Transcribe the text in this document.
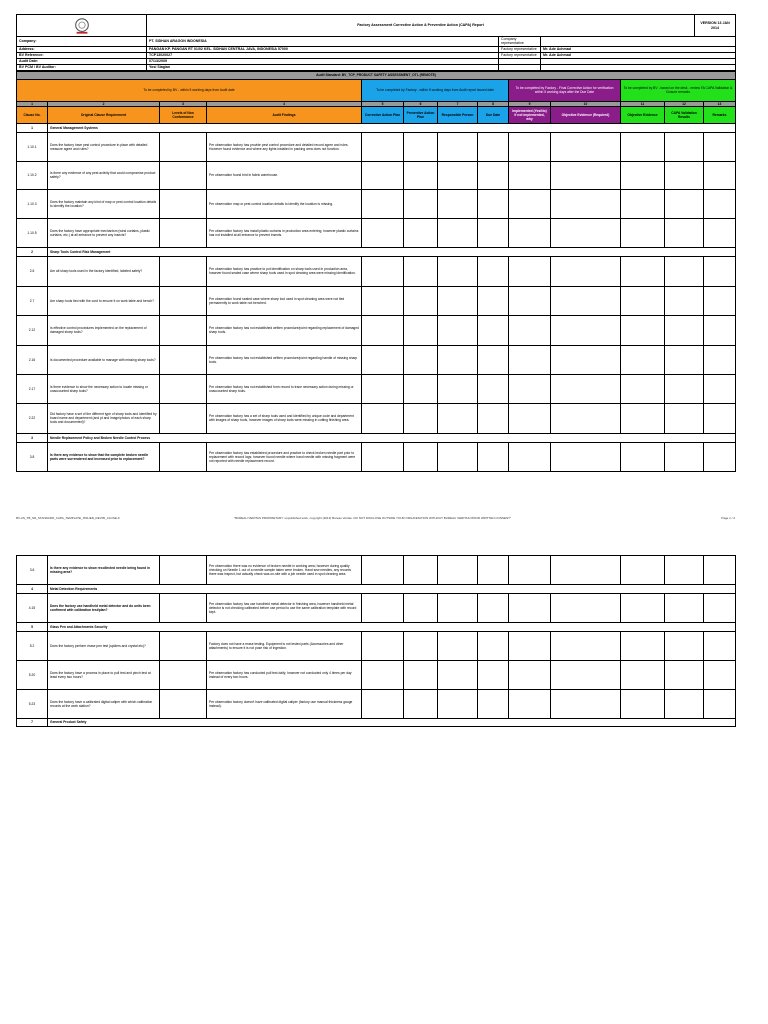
	Factory Assessment Corrective Action & Preventive Action (CAPA) Report			VERSION 13 JAN 2014
Company:	PT. SIDHAN ARAGON INDONESIA	Company representative		
Address:	PANGAN KP. PANGAN RT 01/02 KEL. SIDHAN CENTRAL JAVA, INDONESIA 57000	Factory representative	Mr. Ade Achmad	
BV Reference:	TCP13020027	Factory representative	Mr. Ade Achmad	
Audit Date:	07/13/2009			
BV PCM / BV Auditor:	Yosi Siagian			
Audit Standard: BV_TCP_PRODUCT SAFETY ASSESSMENT_OTL (REMOTE)												
To be completed by BV - within 5 working days from Audit date				To be completed by Factory - within 5 working days from Audit report issued date				To be completed by Factory - Final Corrective Action for verification within 5 working days after the Due Date		To be completed by BV - based on the desk - review FA CAPA Validation & Closure remarks		
1	2	3	4	5	6	7	8	9	10	11	12	13
Clause No.	Original Clause Requirement	Levels of Non Conformance	Audit Findings	Corrective Action Plan	Preventive Action Plan	Responsible Person	Due Date	Implemented (Yes/No) if not implemented, why	Objective Evidence (Required)	Objective Evidence	CAPA Validation Results	Remarks
1	General Management Systems											
1.10.1	Does the factory have pest control procedure in place with detailed measure agree and rules?		Per observation factory has provide pest control procedure and detailed record agree and rules. However found evidence and where any lights installed in packing area does not function.									
1.10.2	Is there any evidence of any pest activity that could compromise product safety?		Per observation found bird in fabric warehouse.									
1.10.3	Does the factory maintain any kind of map or pest control location details to identify the location?		Per observation map or pest control location details to identify the location is missing.									
1.10.5	Does the factory have appropriate mechanism (wind curtains, plastic curtains, etc.) at all entrance to prevent any insects?		Per observation factory has install plastic curtains in production area entering; however plastic curtains has not installed at all entrance to prevent insects.									
2	Sharp Tools Control Risk Management											
2.6	Are all sharp tools used in the factory identified, labeled safely?		Per observation factory has practice to put identification on sharp tools used in production area, however found sealed case where sharp tools used in spot cleaning area were missing identification.									
2.7	Are sharp tools tied with the cord to ensure it on work table and bench?		Per observation found sealed case where sharp tool used in spot cleaning area were not tied permanently to work table not benched.									
2.12	Is effective control procedures implemented on the replacement of damaged sharp tools?		Per observation factory has not established written procedure/point regarding replacement of damaged sharp tools.									
2.16	Is documented procedure available to manage with missing sharp tools?		Per observation factory has not established written procedure/point regarding handle of missing sharp tools.									
2.17	Is there evidence to show the necessary action to locate missing or unaccounted sharp tools?		Per observation factory has not established form record to trace necessary action during missing or unaccounted sharp tools.									
2.22	Did factory have a set of the different type of sharp tools and identified by board name and department (and pt and image/photos of each sharp tools and documented)?		Per observation factory has a set of sharp tools used and identified by unique code and department with images of sharp tools, however images of sharp tools were missing in cutting finishing area.									
3	Needle Replacement Policy and Broken Needle Control Process											
3.8	Is there any evidence to show that the complete broken needle parts were surrendered and increased prior to replacement?		Per observation factory has established procedure and practice to check broken needle part prior to replacement with record logs; however found needle where hand needle with missing fragment were not reported with needle replacement record.									
BV-AS_TB_SR_STANDARD_CAPA_TEMPLATE_ISSUED_REV05_CLOSE-0	"BUREAU VERITAS PROPRIETARY: unpublished work, copyright (2013) Bureau Veritas. DO NOT DISCLOSE OUTSIDE YOUR ORGANIZATION WITHOUT BUREAU VERITAS PRIOR WRITTEN CONSENT"	Page 1 / 2
3.6	Is there any evidence to show recollected needle being found in missing area?		Per observation there was no evidence of broken needle in working area; however during quality checking on Needle 1 out of a needle sample taken were broken. Hand sew needles, any records there was inspect, but actually check was on-site with a job needle used in spot cleaning area.									
4	Metal Detection Requirements											
4.15	Does the factory use handheld metal detector and do units been confirmed with calibration test/plan?		Per observation factory has use handheld metal detector in finishing area, however handheld metal detector is not checking calibrated before use period to use the same calibration template with record kept.									
5	Glass Pen and Attachments Security											
5.2	Does the factory perform erase pen test (spiders and crystal etc)?		Factory does not have a erase testing. Equipment is not tested parts (Accessories and other attachments) to ensure it is not pose risk of ingestion.									
5.20	Does the factory have a process in place to pull test and pinch test at least every two hours?		Per observation factory has conducted pull test daily; however not conducted only 4 times per day instead of every two hours.									
5.23	Does the factory have a calibrated digital caliper with which calibration records at the work station?		Per observation factory doesn't have calibrated digital caliper (factory use manual thickness gauge instead).									
7	General Product Safety											
